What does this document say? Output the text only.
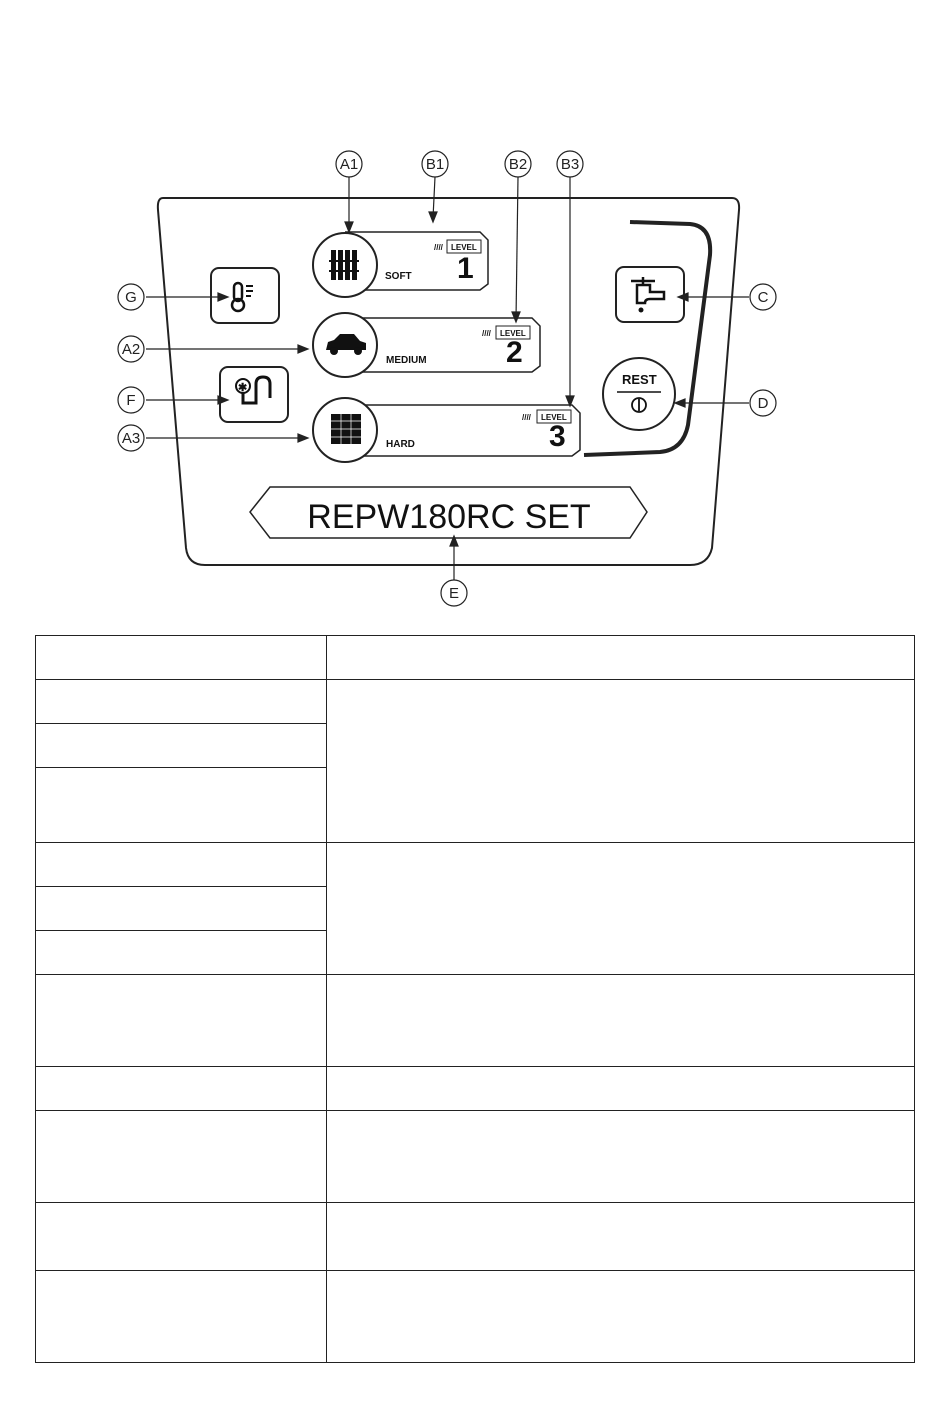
SOFT
//// LEVEL
1
MEDIUM
//// LEVEL
2
HARD
//// LEVEL
3
✱
REST
REPW180RC SET
A1	B1	B2 B3
G
A2
F
A3
C
D
E
